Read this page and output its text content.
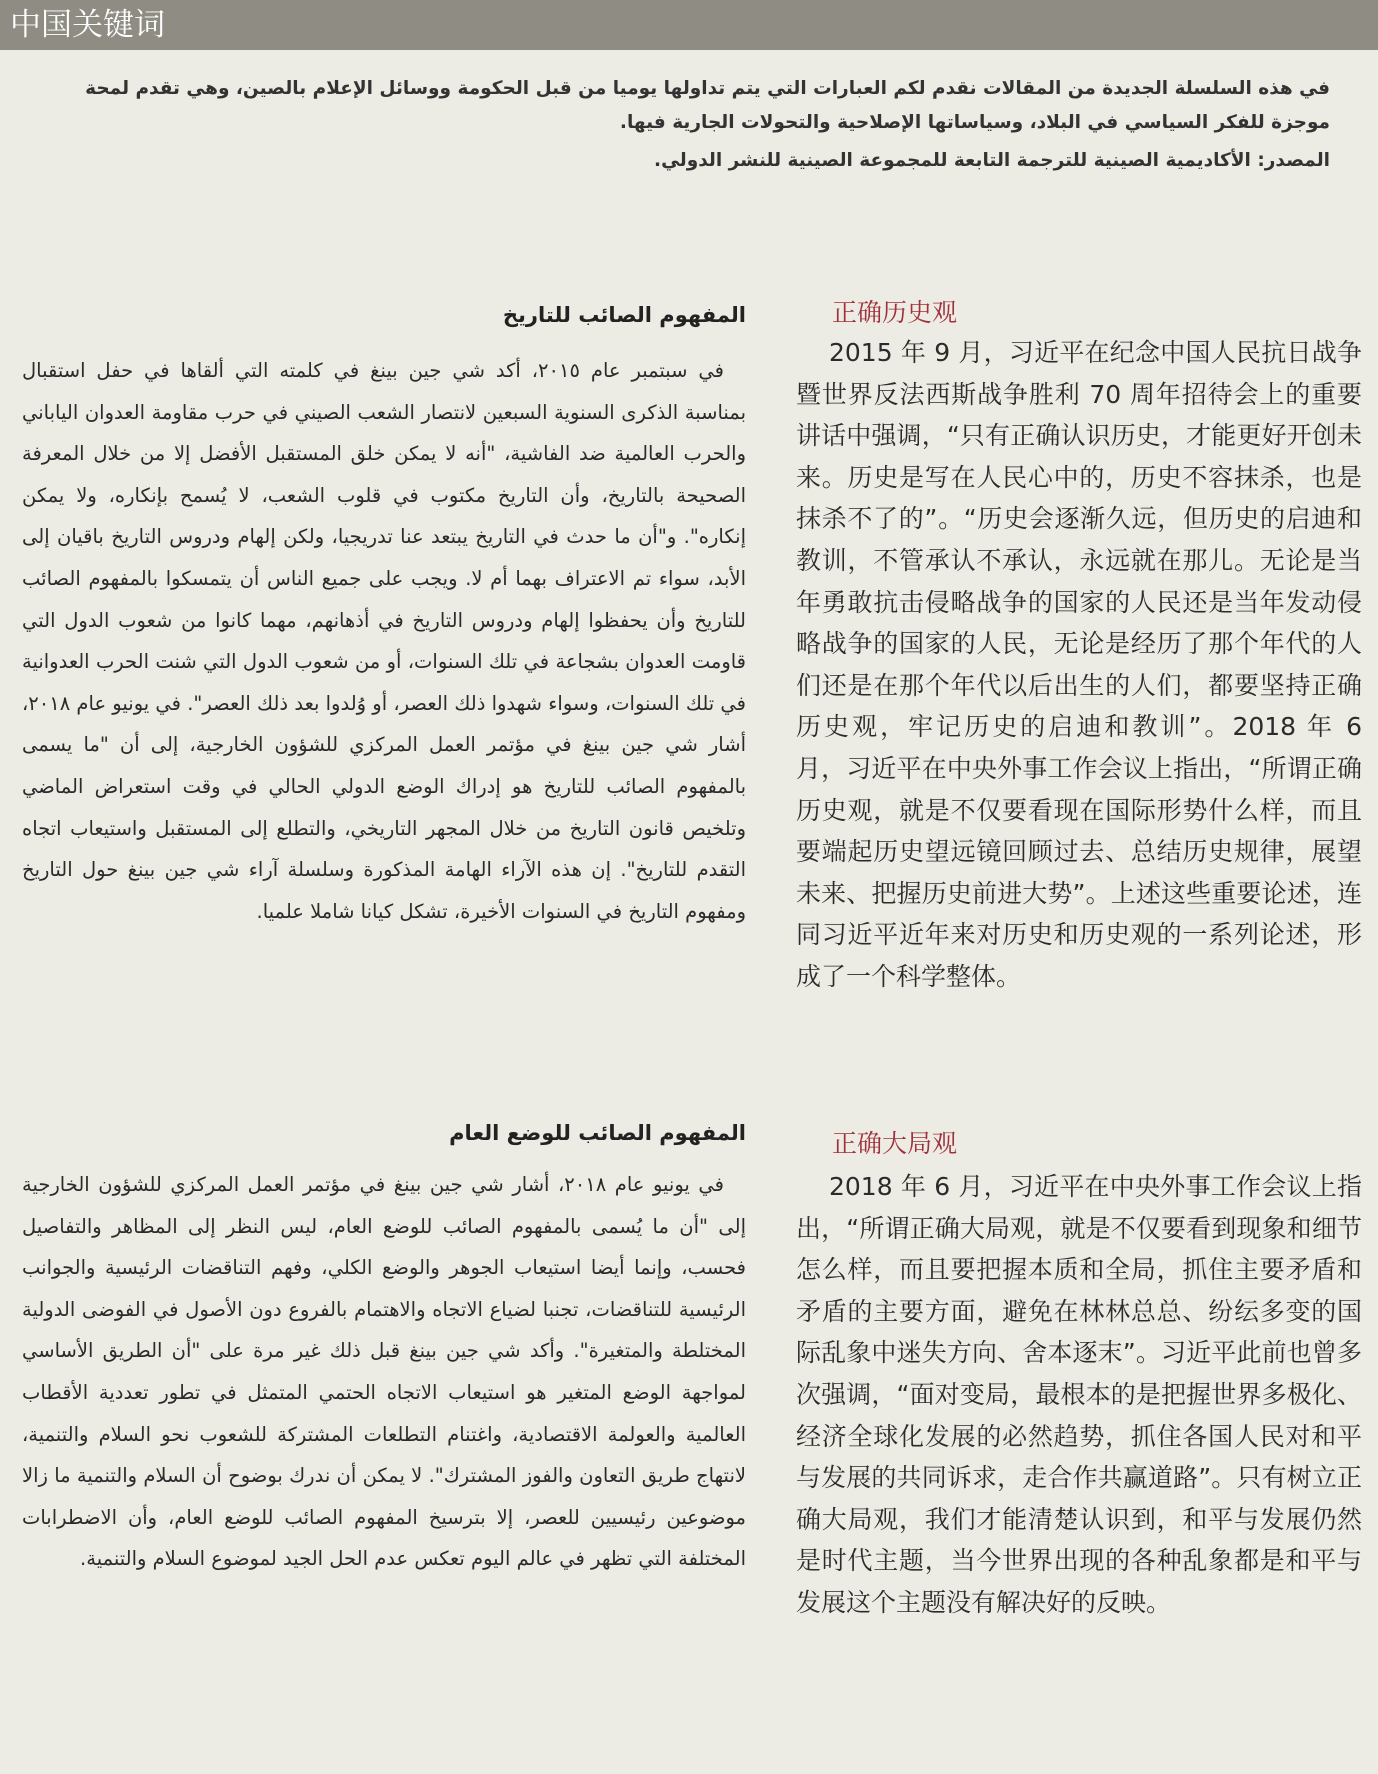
中国关键词

في هذه السلسلة الجديدة من المقالات نقدم لكم العبارات التي يتم تداولها يوميا من قبل الحكومة ووسائل الإعلام بالصين، وهي تقدم لمحة موجزة للفكر السياسي في البلاد، وسياساتها الإصلاحية والتحولات الجارية فيها.

المصدر: الأكاديمية الصينية للترجمة التابعة للمجموعة الصينية للنشر الدولي.

正确历史观

2015 年 9 月，习近平在纪念中国人民抗日战争暨世界反法西斯战争胜利 70 周年招待会上的重要讲话中强调，“只有正确认识历史，才能更好开创未来。历史是写在人民心中的，历史不容抹杀，也是抹杀不了的”。“历史会逐渐久远，但历史的启迪和教训，不管承认不承认，永远就在那儿。无论是当年勇敢抗击侵略战争的国家的人民还是当年发动侵略战争的国家的人民，无论是经历了那个年代的人们还是在那个年代以后出生的人们，都要坚持正确历史观，牢记历史的启迪和教训”。2018 年 6 月，习近平在中央外事工作会议上指出，“所谓正确历史观，就是不仅要看现在国际形势什么样，而且要端起历史望远镜回顾过去、总结历史规律，展望未来、把握历史前进大势”。上述这些重要论述，连同习近平近年来对历史和历史观的一系列论述，形成了一个科学整体。

المفهوم الصائب للتاريخ

في سبتمبر عام ٢٠١٥، أكد شي جين بينغ في كلمته التي ألقاها في حفل استقبال بمناسبة الذكرى السنوية السبعين لانتصار الشعب الصيني في حرب مقاومة العدوان الياباني والحرب العالمية ضد الفاشية، "أنه لا يمكن خلق المستقبل الأفضل إلا من خلال المعرفة الصحيحة بالتاريخ، وأن التاريخ مكتوب في قلوب الشعب، لا يُسمح بإنكاره، ولا يمكن إنكاره". و"أن ما حدث في التاريخ يبتعد عنا تدريجيا، ولكن إلهام ودروس التاريخ باقيان إلى الأبد، سواء تم الاعتراف بهما أم لا. ويجب على جميع الناس أن يتمسكوا بالمفهوم الصائب للتاريخ وأن يحفظوا إلهام ودروس التاريخ في أذهانهم، مهما كانوا من شعوب الدول التي قاومت العدوان بشجاعة في تلك السنوات، أو من شعوب الدول التي شنت الحرب العدوانية في تلك السنوات، وسواء شهدوا ذلك العصر، أو وُلدوا بعد ذلك العصر". في يونيو عام ٢٠١٨، أشار شي جين بينغ في مؤتمر العمل المركزي للشؤون الخارجية، إلى أن "ما يسمى بالمفهوم الصائب للتاريخ هو إدراك الوضع الدولي الحالي في وقت استعراض الماضي وتلخيص قانون التاريخ من خلال المجهر التاريخي، والتطلع إلى المستقبل واستيعاب اتجاه التقدم للتاريخ". إن هذه الآراء الهامة المذكورة وسلسلة آراء شي جين بينغ حول التاريخ ومفهوم التاريخ في السنوات الأخيرة، تشكل كيانا شاملا علميا.

正确大局观

2018 年 6 月，习近平在中央外事工作会议上指出，“所谓正确大局观，就是不仅要看到现象和细节怎么样，而且要把握本质和全局，抓住主要矛盾和矛盾的主要方面，避免在林林总总、纷纭多变的国际乱象中迷失方向、舍本逐末”。习近平此前也曾多次强调，“面对变局，最根本的是把握世界多极化、经济全球化发展的必然趋势，抓住各国人民对和平与发展的共同诉求，走合作共赢道路”。只有树立正确大局观，我们才能清楚认识到，和平与发展仍然是时代主题，当今世界出现的各种乱象都是和平与发展这个主题没有解决好的反映。

المفهوم الصائب للوضع العام

في يونيو عام ٢٠١٨، أشار شي جين بينغ في مؤتمر العمل المركزي للشؤون الخارجية إلى "أن ما يُسمى بالمفهوم الصائب للوضع العام، ليس النظر إلى المظاهر والتفاصيل فحسب، وإنما أيضا استيعاب الجوهر والوضع الكلي، وفهم التناقضات الرئيسية والجوانب الرئيسية للتناقضات، تجنبا لضياع الاتجاه والاهتمام بالفروع دون الأصول في الفوضى الدولية المختلطة والمتغيرة". وأكد شي جين بينغ قبل ذلك غير مرة على "أن الطريق الأساسي لمواجهة الوضع المتغير هو استيعاب الاتجاه الحتمي المتمثل في تطور تعددية الأقطاب العالمية والعولمة الاقتصادية، واغتنام التطلعات المشتركة للشعوب نحو السلام والتنمية، لانتهاج طريق التعاون والفوز المشترك". لا يمكن أن ندرك بوضوح أن السلام والتنمية ما زالا موضوعين رئيسيين للعصر، إلا بترسيخ المفهوم الصائب للوضع العام، وأن الاضطرابات المختلفة التي تظهر في عالم اليوم تعكس عدم الحل الجيد لموضوع السلام والتنمية.
